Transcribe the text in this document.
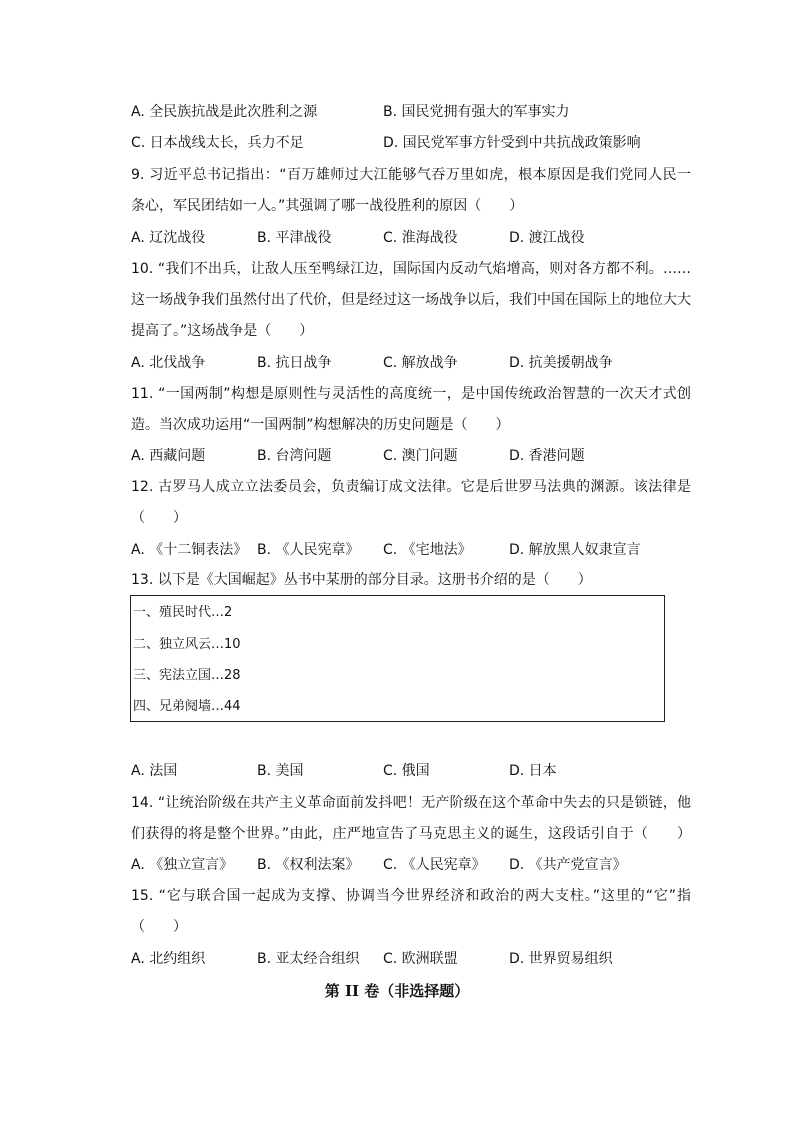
A. 全民族抗战是此次胜利之源	B. 国民党拥有强大的军事实力
C. 日本战线太长，兵力不足	D. 国民党军事方针受到中共抗战政策影响
9. 习近平总书记指出：“百万雄师过大江能够气吞万里如虎，根本原因是我们党同人民一
条心，军民团结如一人。”其强调了哪一战役胜利的原因（　　）
A. 辽沈战役	B. 平津战役	C. 淮海战役	D. 渡江战役
10. “我们不出兵，让敌人压至鸭绿江边，国际国内反动气焰增高，则对各方都不利。……
这一场战争我们虽然付出了代价，但是经过这一场战争以后，我们中国在国际上的地位大大
提高了。”这场战争是（　　）
A. 北伐战争	B. 抗日战争	C. 解放战争	D. 抗美援朝战争
11. “一国两制”构想是原则性与灵活性的高度统一，是中国传统政治智慧的一次天才式创
造。当次成功运用“一国两制”构想解决的历史问题是（　　）
A. 西藏问题	B. 台湾问题	C. 澳门问题	D. 香港问题
12. 古罗马人成立立法委员会，负责编订成文法律。它是后世罗马法典的渊源。该法律是
（　　）
A. 《十二铜表法》 B. 《人民宪章》 C. 《宅地法》	D. 解放黑人奴隶宣言
13. 以下是《大国崛起》丛书中某册的部分目录。这册书介绍的是（　　）
一、殖民时代…2
二、独立风云…10
三、宪法立国…28
四、兄弟阋墙…44
A. 法国	B. 美国	C. 俄国	D. 日本
14. “让统治阶级在共产主义革命面前发抖吧！无产阶级在这个革命中失去的只是锁链，他
们获得的将是整个世界。”由此，庄严地宣告了马克思主义的诞生，这段话引自于（　　）
A. 《独立宣言》 B. 《权利法案》 C. 《人民宪章》 D. 《共产党宣言》
15. “它与联合国一起成为支撑、协调当今世界经济和政治的两大支柱。”这里的“它”指
（　　）
A. 北约组织	B. 亚太经合组织 C. 欧洲联盟	D. 世界贸易组织
第 II 卷（非选择题）
